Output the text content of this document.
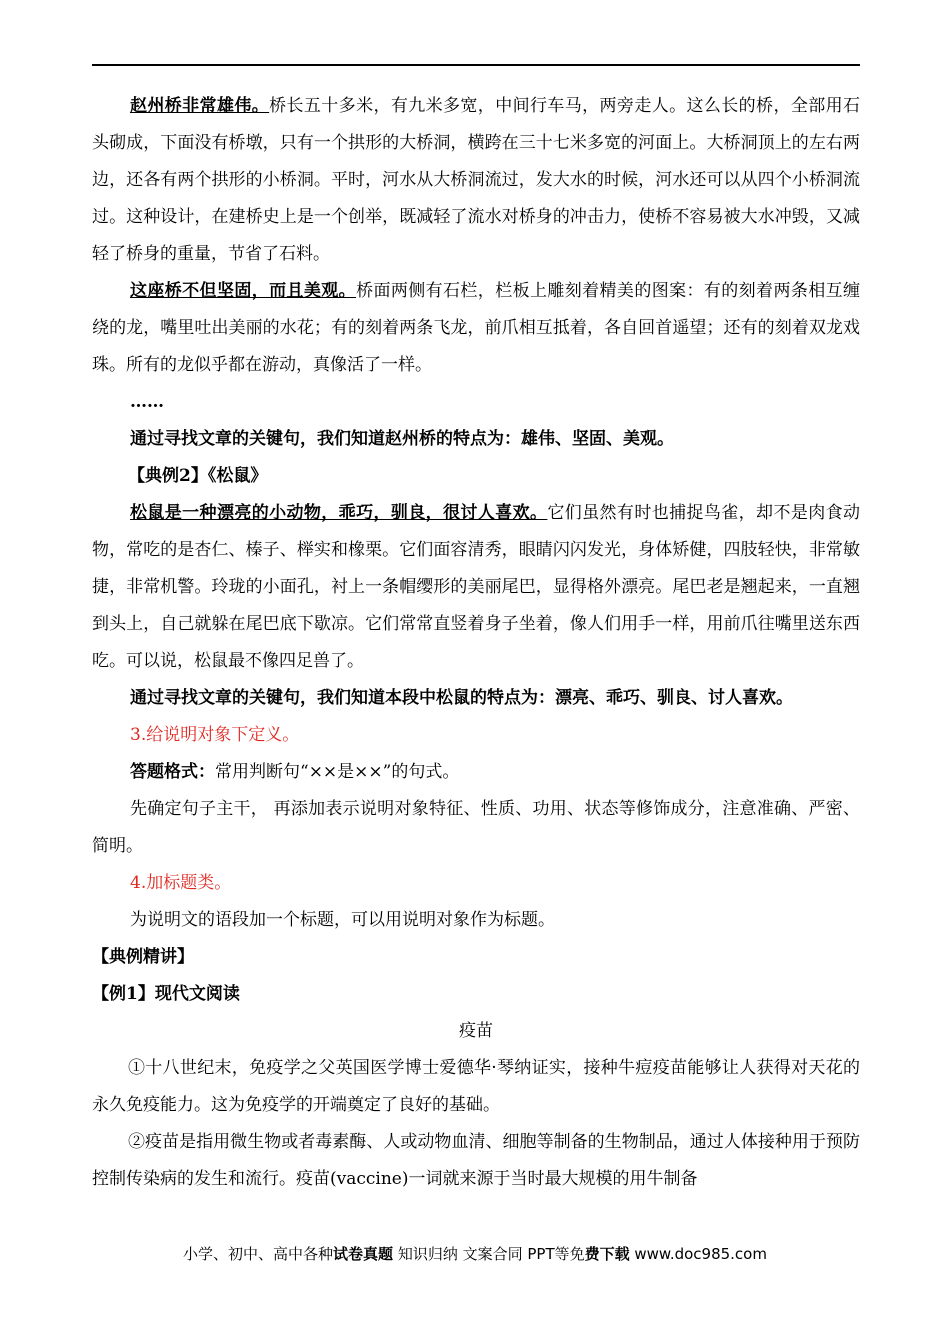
赵州桥非常雄伟。桥长五十多米，有九米多宽，中间行车马，两旁走人。这么长的桥，全部用石头砌成，下面没有桥墩，只有一个拱形的大桥洞，横跨在三十七米多宽的河面上。大桥洞顶上的左右两边，还各有两个拱形的小桥洞。平时，河水从大桥洞流过，发大水的时候，河水还可以从四个小桥洞流过。这种设计，在建桥史上是一个创举，既减轻了流水对桥身的冲击力，使桥不容易被大水冲毁，又减轻了桥身的重量，节省了石料。

这座桥不但坚固，而且美观。桥面两侧有石栏，栏板上雕刻着精美的图案：有的刻着两条相互缠绕的龙，嘴里吐出美丽的水花；有的刻着两条飞龙，前爪相互抵着，各自回首遥望；还有的刻着双龙戏珠。所有的龙似乎都在游动，真像活了一样。

……

通过寻找文章的关键句，我们知道赵州桥的特点为：雄伟、坚固、美观。

【典例2】《松鼠》

松鼠是一种漂亮的小动物，乖巧，驯良，很讨人喜欢。它们虽然有时也捕捉鸟雀，却不是肉食动物，常吃的是杏仁、榛子、榉实和橡栗。它们面容清秀，眼睛闪闪发光，身体矫健，四肢轻快，非常敏捷，非常机警。玲珑的小面孔，衬上一条帽缨形的美丽尾巴，显得格外漂亮。尾巴老是翘起来，一直翘到头上，自己就躲在尾巴底下歇凉。它们常常直竖着身子坐着，像人们用手一样，用前爪往嘴里送东西吃。可以说，松鼠最不像四足兽了。

通过寻找文章的关键句，我们知道本段中松鼠的特点为：漂亮、乖巧、驯良、讨人喜欢。

3.给说明对象下定义。

答题格式：常用判断句“××是××”的句式。

先确定句子主干， 再添加表示说明对象特征、性质、功用、状态等修饰成分，注意准确、严密、简明。

4.加标题类。

为说明文的语段加一个标题，可以用说明对象作为标题。

【典例精讲】

【例1】现代文阅读

疫苗

①十八世纪末，免疫学之父英国医学博士爱德华·琴纳证实，接种牛痘疫苗能够让人获得对天花的永久免疫能力。这为免疫学的开端奠定了良好的基础。

②疫苗是指用微生物或者毒素酶、人或动物血清、细胞等制备的生物制品，通过人体接种用于预防控制传染病的发生和流行。疫苗(vaccine)一词就来源于当时最大规模的用牛制备

小学、初中、高中各种试卷真题 知识归纳 文案合同 PPT等免费下载 www.doc985.com
